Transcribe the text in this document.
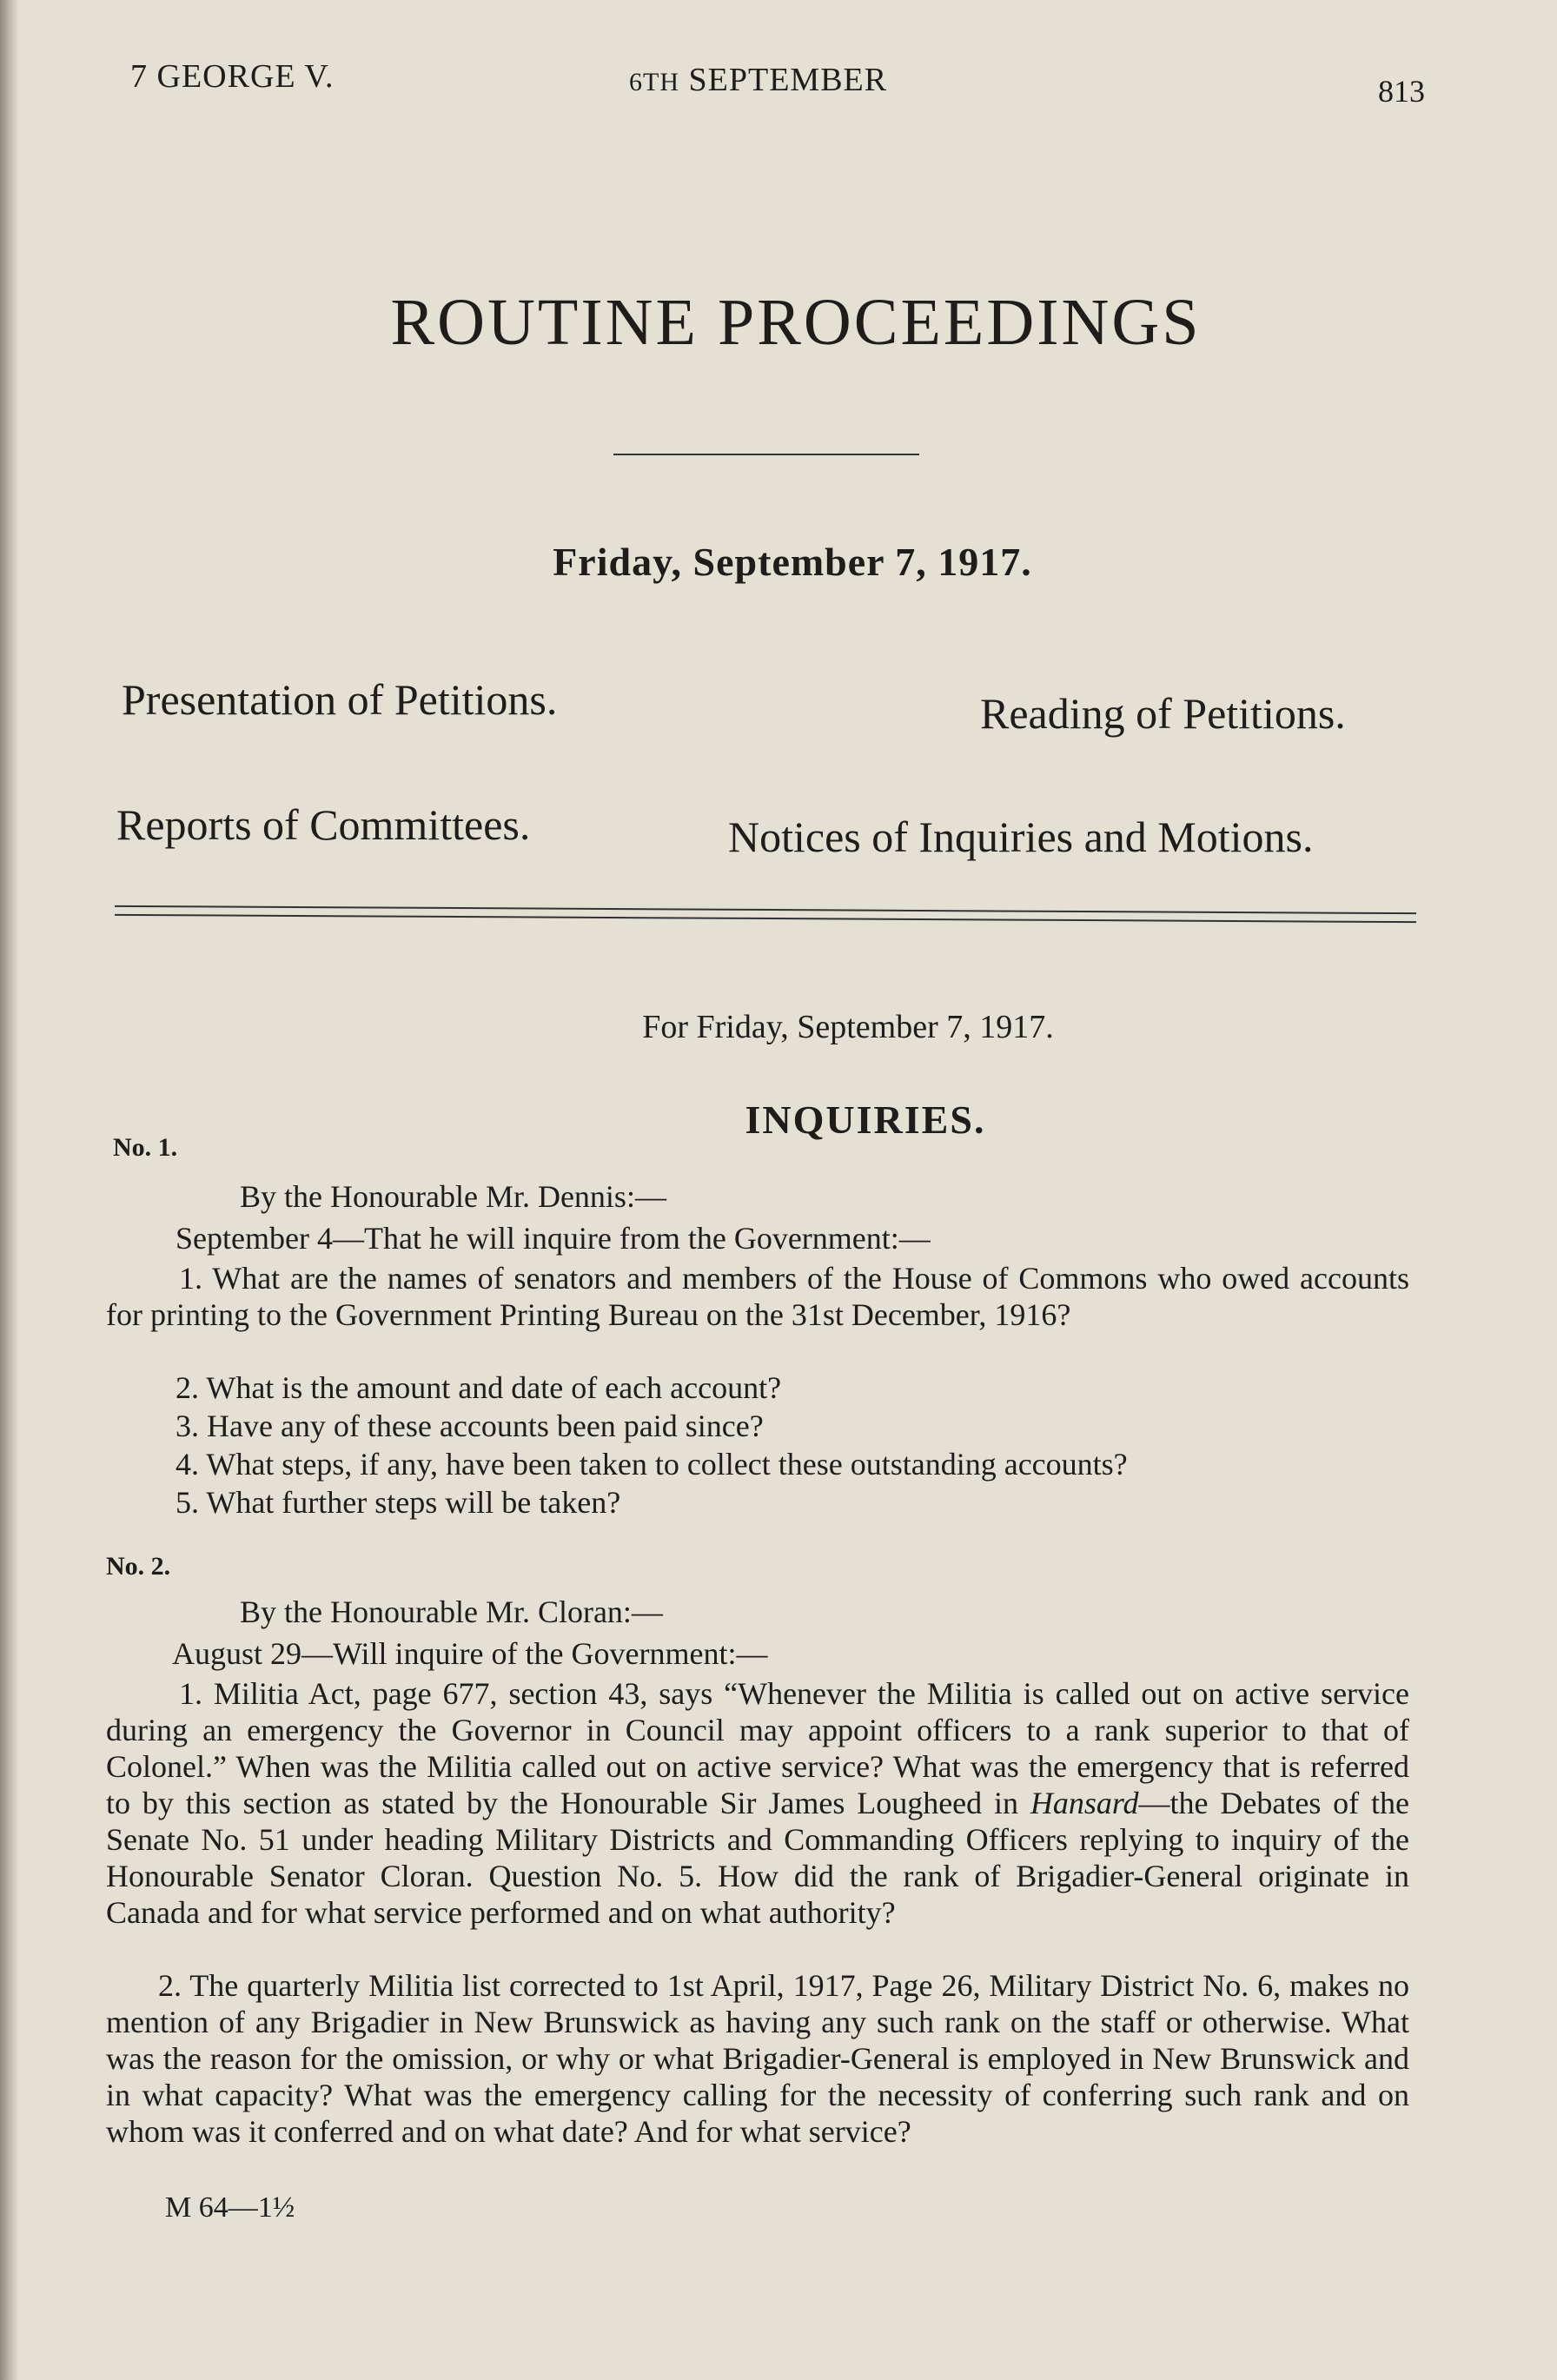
7 GEORGE V.	6TH SEPTEMBER	813
ROUTINE PROCEEDINGS
Friday, September 7, 1917.
Presentation of Petitions.	Reading of Petitions.
Reports of Committees.	Notices of Inquiries and Motions.
For Friday, September 7, 1917.
INQUIRIES.
No. 1.
By the Honourable Mr. Dennis:—
September 4—That he will inquire from the Government:—
1. What are the names of senators and members of the House of Commons who owed accounts for printing to the Government Printing Bureau on the 31st December, 1916?
2. What is the amount and date of each account?
3. Have any of these accounts been paid since?
4. What steps, if any, have been taken to collect these outstanding accounts?
5. What further steps will be taken?
No. 2.
By the Honourable Mr. Cloran:—
August 29—Will inquire of the Government:—
1. Militia Act, page 677, section 43, says “Whenever the Militia is called out on active service during an emergency the Governor in Council may appoint officers to a rank superior to that of Colonel.” When was the Militia called out on active service? What was the emergency that is referred to by this section as stated by the Honourable Sir James Lougheed in Hansard—the Debates of the Senate No. 51 under heading Military Districts and Commanding Officers replying to inquiry of the Honourable Senator Cloran. Question No. 5. How did the rank of Brigadier-General originate in Canada and for what service performed and on what authority?
2. The quarterly Militia list corrected to 1st April, 1917, Page 26, Military District No. 6, makes no mention of any Brigadier in New Brunswick as having any such rank on the staff or otherwise. What was the reason for the omission, or why or what Brigadier-General is employed in New Brunswick and in what capacity? What was the emergency calling for the necessity of conferring such rank and on whom was it conferred and on what date? And for what service?
M 64—1½
